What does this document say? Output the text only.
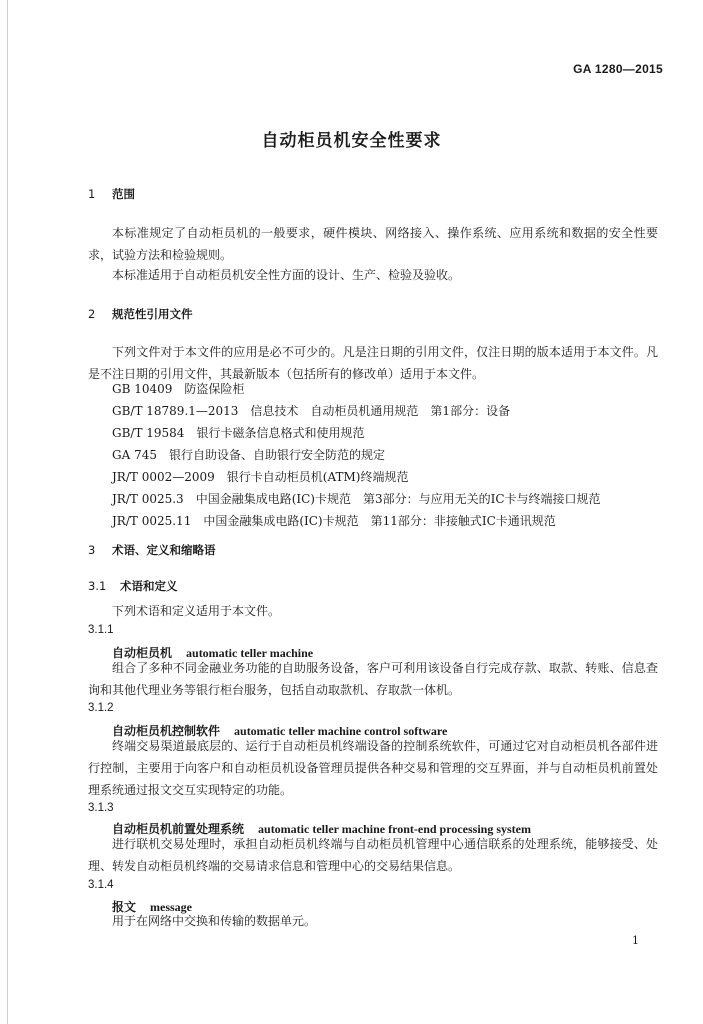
GA 1280—2015
自动柜员机安全性要求
1 范围
本标准规定了自动柜员机的一般要求，硬件模块、网络接入、操作系统、应用系统和数据的安全性要求，试验方法和检验规则。
本标准适用于自动柜员机安全性方面的设计、生产、检验及验收。
2 规范性引用文件
下列文件对于本文件的应用是必不可少的。凡是注日期的引用文件，仅注日期的版本适用于本文件。凡是不注日期的引用文件，其最新版本（包括所有的修改单）适用于本文件。
GB 10409　防盗保险柜
GB/T 18789.1—2013　信息技术　自动柜员机通用规范　第1部分：设备
GB/T 19584　银行卡磁条信息格式和使用规范
GA 745　银行自助设备、自助银行安全防范的规定
JR/T 0002—2009　银行卡自动柜员机(ATM)终端规范
JR/T 0025.3　中国金融集成电路(IC)卡规范　第3部分：与应用无关的IC卡与终端接口规范
JR/T 0025.11　中国金融集成电路(IC)卡规范　第11部分：非接触式IC卡通讯规范
3 术语、定义和缩略语
3.1 术语和定义
下列术语和定义适用于本文件。
3.1.1
自动柜员机 automatic teller machine
组合了多种不同金融业务功能的自助服务设备，客户可利用该设备自行完成存款、取款、转账、信息查询和其他代理业务等银行柜台服务，包括自动取款机、存取款一体机。
3.1.2
自动柜员机控制软件 automatic teller machine control software
终端交易渠道最底层的、运行于自动柜员机终端设备的控制系统软件，可通过它对自动柜员机各部件进行控制，主要用于向客户和自动柜员机设备管理员提供各种交易和管理的交互界面，并与自动柜员机前置处理系统通过报文交互实现特定的功能。
3.1.3
自动柜员机前置处理系统 automatic teller machine front-end processing system
进行联机交易处理时，承担自动柜员机终端与自动柜员机管理中心通信联系的处理系统，能够接受、处理、转发自动柜员机终端的交易请求信息和管理中心的交易结果信息。
3.1.4
报文 message
用于在网络中交换和传输的数据单元。
1
